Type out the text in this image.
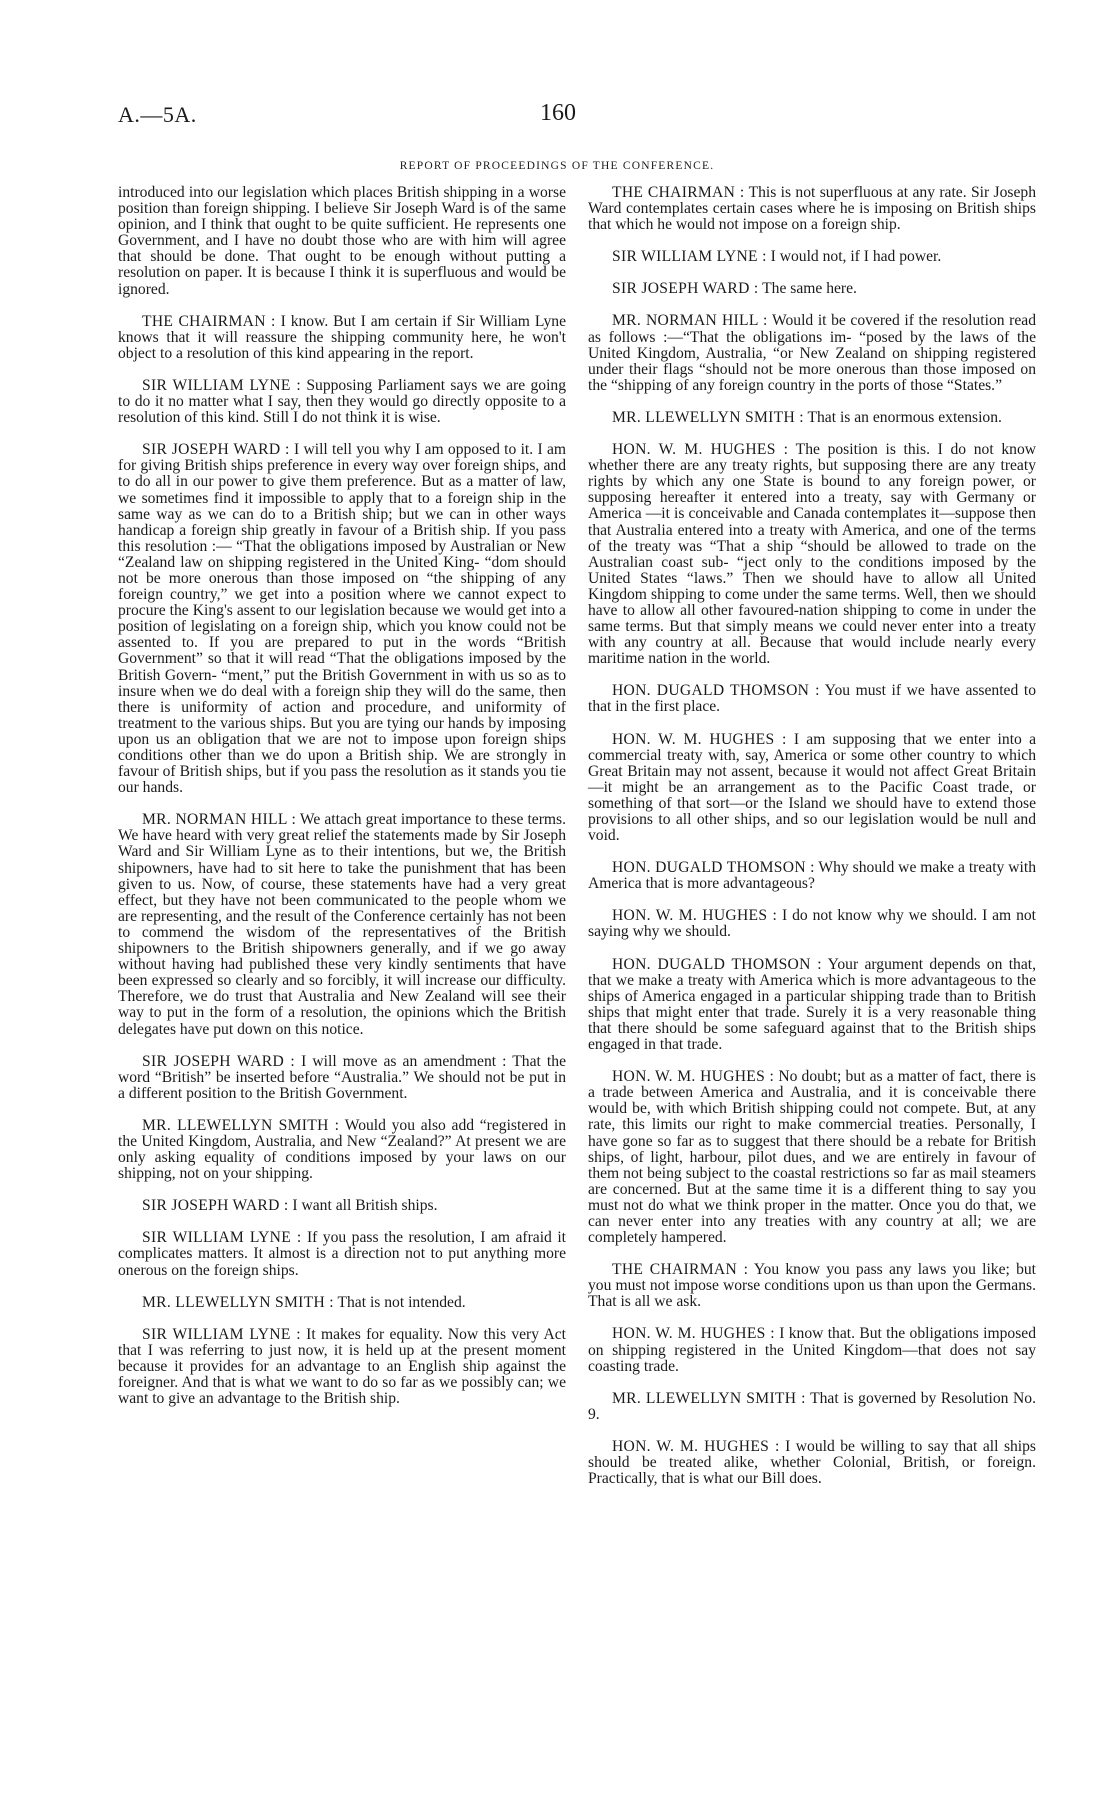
A.—5A.	160
REPORT OF PROCEEDINGS OF THE CONFERENCE.

introduced into our legislation which places British shipping in a worse position than foreign shipping. I believe Sir Joseph Ward is of the same opinion, and I think that ought to be quite sufficient. He represents one Government, and I have no doubt those who are with him will agree that should be done. That ought to be enough without putting a resolution on paper. It is because I think it is superfluous and would be ignored.

THE CHAIRMAN : I know. But I am certain if Sir William Lyne knows that it will reassure the shipping community here, he won't object to a resolution of this kind appearing in the report.

SIR WILLIAM LYNE : Supposing Parliament says we are going to do it no matter what I say, then they would go directly opposite to a resolution of this kind. Still I do not think it is wise.

SIR JOSEPH WARD : I will tell you why I am opposed to it. I am for giving British ships preference in every way over foreign ships, and to do all in our power to give them preference. But as a matter of law, we sometimes find it impossible to apply that to a foreign ship in the same way as we can do to a British ship; but we can in other ways handicap a foreign ship greatly in favour of a British ship. If you pass this resolution :— “That the obligations imposed by Australian or New “Zealand law on shipping registered in the United King- “dom should not be more onerous than those imposed on “the shipping of any foreign country,” we get into a position where we cannot expect to procure the King's assent to our legislation because we would get into a position of legislating on a foreign ship, which you know could not be assented to. If you are prepared to put in the words “British Government” so that it will read “That the obligations imposed by the British Govern- “ment,” put the British Government in with us so as to insure when we do deal with a foreign ship they will do the same, then there is uniformity of action and procedure, and uniformity of treatment to the various ships. But you are tying our hands by imposing upon us an obligation that we are not to impose upon foreign ships conditions other than we do upon a British ship. We are strongly in favour of British ships, but if you pass the resolution as it stands you tie our hands.

MR. NORMAN HILL : We attach great importance to these terms. We have heard with very great relief the statements made by Sir Joseph Ward and Sir William Lyne as to their intentions, but we, the British shipowners, have had to sit here to take the punishment that has been given to us. Now, of course, these statements have had a very great effect, but they have not been communicated to the people whom we are representing, and the result of the Conference certainly has not been to commend the wisdom of the representatives of the British shipowners to the British shipowners generally, and if we go away without having had published these very kindly sentiments that have been expressed so clearly and so forcibly, it will increase our difficulty. Therefore, we do trust that Australia and New Zealand will see their way to put in the form of a resolution, the opinions which the British delegates have put down on this notice.

SIR JOSEPH WARD : I will move as an amendment : That the word “British” be inserted before “Australia.” We should not be put in a different position to the British Government.

MR. LLEWELLYN SMITH : Would you also add “registered in the United Kingdom, Australia, and New “Zealand?” At present we are only asking equality of conditions imposed by your laws on our shipping, not on your shipping.

SIR JOSEPH WARD : I want all British ships.

SIR WILLIAM LYNE : If you pass the resolution, I am afraid it complicates matters. It almost is a direction not to put anything more onerous on the foreign ships.

MR. LLEWELLYN SMITH : That is not intended.

SIR WILLIAM LYNE : It makes for equality. Now this very Act that I was referring to just now, it is held up at the present moment because it provides for an advantage to an English ship against the foreigner. And that is what we want to do so far as we possibly can; we want to give an advantage to the British ship.

THE CHAIRMAN : This is not superfluous at any rate. Sir Joseph Ward contemplates certain cases where he is imposing on British ships that which he would not impose on a foreign ship.

SIR WILLIAM LYNE : I would not, if I had power.

SIR JOSEPH WARD : The same here.

MR. NORMAN HILL : Would it be covered if the resolution read as follows :—“That the obligations im- “posed by the laws of the United Kingdom, Australia, “or New Zealand on shipping registered under their flags “should not be more onerous than those imposed on the “shipping of any foreign country in the ports of those “States.”

MR. LLEWELLYN SMITH : That is an enormous extension.

HON. W. M. HUGHES : The position is this. I do not know whether there are any treaty rights, but supposing there are any treaty rights by which any one State is bound to any foreign power, or supposing hereafter it entered into a treaty, say with Germany or America —it is conceivable and Canada contemplates it—suppose then that Australia entered into a treaty with America, and one of the terms of the treaty was “That a ship “should be allowed to trade on the Australian coast sub- “ject only to the conditions imposed by the United States “laws.” Then we should have to allow all United Kingdom shipping to come under the same terms. Well, then we should have to allow all other favoured-nation shipping to come in under the same terms. But that simply means we could never enter into a treaty with any country at all. Because that would include nearly every maritime nation in the world.

HON. DUGALD THOMSON : You must if we have assented to that in the first place.

HON. W. M. HUGHES : I am supposing that we enter into a commercial treaty with, say, America or some other country to which Great Britain may not assent, because it would not affect Great Britain—it might be an arrangement as to the Pacific Coast trade, or something of that sort—or the Island we should have to extend those provisions to all other ships, and so our legislation would be null and void.

HON. DUGALD THOMSON : Why should we make a treaty with America that is more advantageous?

HON. W. M. HUGHES : I do not know why we should. I am not saying why we should.

HON. DUGALD THOMSON : Your argument depends on that, that we make a treaty with America which is more advantageous to the ships of America engaged in a particular shipping trade than to British ships that might enter that trade. Surely it is a very reasonable thing that there should be some safeguard against that to the British ships engaged in that trade.

HON. W. M. HUGHES : No doubt; but as a matter of fact, there is a trade between America and Australia, and it is conceivable there would be, with which British shipping could not compete. But, at any rate, this limits our right to make commercial treaties. Personally, I have gone so far as to suggest that there should be a rebate for British ships, of light, harbour, pilot dues, and we are entirely in favour of them not being subject to the coastal restrictions so far as mail steamers are concerned. But at the same time it is a different thing to say you must not do what we think proper in the matter. Once you do that, we can never enter into any treaties with any country at all; we are completely hampered.

THE CHAIRMAN : You know you pass any laws you like; but you must not impose worse conditions upon us than upon the Germans. That is all we ask.

HON. W. M. HUGHES : I know that. But the obligations imposed on shipping registered in the United Kingdom—that does not say coasting trade.

MR. LLEWELLYN SMITH : That is governed by Resolution No. 9.

HON. W. M. HUGHES : I would be willing to say that all ships should be treated alike, whether Colonial, British, or foreign. Practically, that is what our Bill does.
